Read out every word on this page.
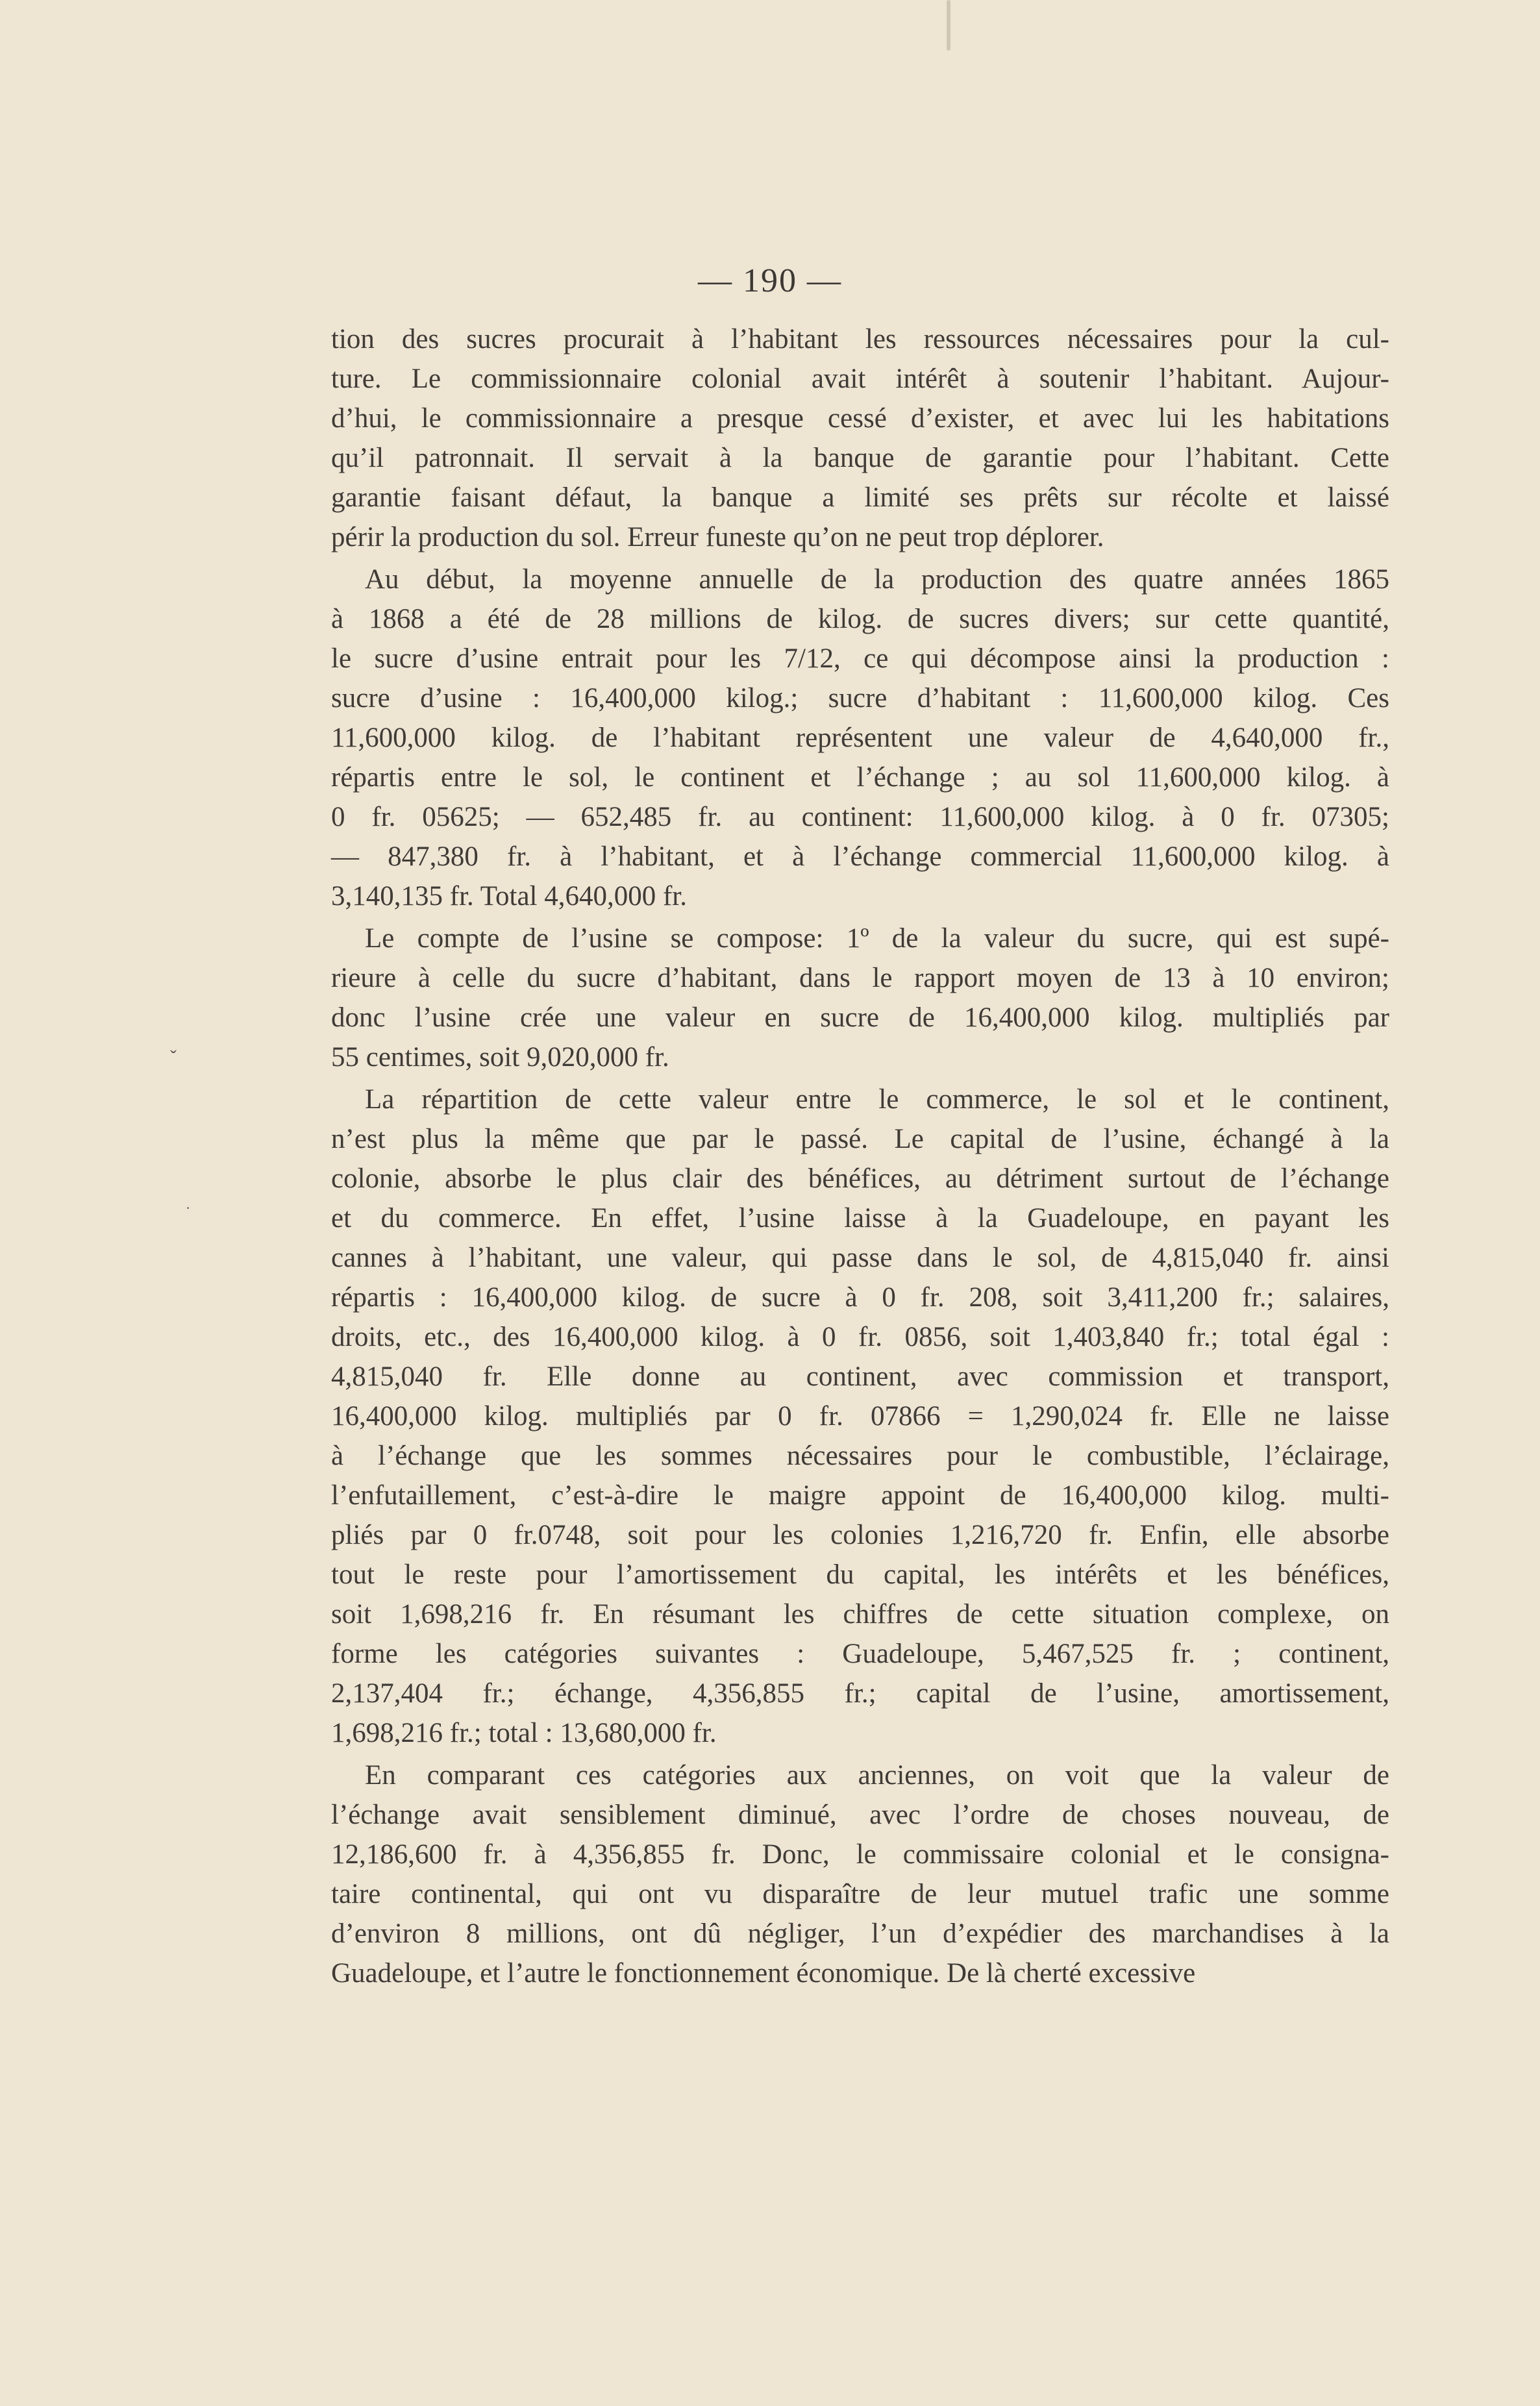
— 190 —
ˇ
·
tion des sucres procurait à l’habitant les ressources nécessaires pour la cul-
ture. Le commissionnaire colonial avait intérêt à soutenir l’habitant. Aujour-
d’hui, le commissionnaire a presque cessé d’exister, et avec lui les habitations
qu’il patronnait. Il servait à la banque de garantie pour l’habitant. Cette
garantie faisant défaut, la banque a limité ses prêts sur récolte et laissé
périr la production du sol. Erreur funeste qu’on ne peut trop déplorer.
Au début, la moyenne annuelle de la production des quatre années 1865
à 1868 a été de 28 millions de kilog. de sucres divers; sur cette quantité,
le sucre d’usine entrait pour les 7/12, ce qui décompose ainsi la production :
sucre d’usine : 16,400,000 kilog.; sucre d’habitant : 11,600,000 kilog. Ces
11,600,000 kilog. de l’habitant représentent une valeur de 4,640,000 fr.,
répartis entre le sol, le continent et l’échange ; au sol 11,600,000 kilog. à
0 fr. 05625; — 652,485 fr. au continent: 11,600,000 kilog. à 0 fr. 07305;
— 847,380 fr. à l’habitant, et à l’échange commercial 11,600,000 kilog. à
3,140,135 fr. Total 4,640,000 fr.
Le compte de l’usine se compose: 1º de la valeur du sucre, qui est supé-
rieure à celle du sucre d’habitant, dans le rapport moyen de 13 à 10 environ;
donc l’usine crée une valeur en sucre de 16,400,000 kilog. multipliés par
55 centimes, soit 9,020,000 fr.
La répartition de cette valeur entre le commerce, le sol et le continent,
n’est plus la même que par le passé. Le capital de l’usine, échangé à la
colonie, absorbe le plus clair des bénéfices, au détriment surtout de l’échange
et du commerce. En effet, l’usine laisse à la Guadeloupe, en payant les
cannes à l’habitant, une valeur, qui passe dans le sol, de 4,815,040 fr. ainsi
répartis : 16,400,000 kilog. de sucre à 0 fr. 208, soit 3,411,200 fr.; salaires,
droits, etc., des 16,400,000 kilog. à 0 fr. 0856, soit 1,403,840 fr.; total égal :
4,815,040 fr. Elle donne au continent, avec commission et transport,
16,400,000 kilog. multipliés par 0 fr. 07866 = 1,290,024 fr. Elle ne laisse
à l’échange que les sommes nécessaires pour le combustible, l’éclairage,
l’enfutaillement, c’est-à-dire le maigre appoint de 16,400,000 kilog. multi-
pliés par 0 fr.0748, soit pour les colonies 1,216,720 fr. Enfin, elle absorbe
tout le reste pour l’amortissement du capital, les intérêts et les bénéfices,
soit 1,698,216 fr. En résumant les chiffres de cette situation complexe, on
forme les catégories suivantes : Guadeloupe, 5,467,525 fr. ; continent,
2,137,404 fr.; échange, 4,356,855 fr.; capital de l’usine, amortissement,
1,698,216 fr.; total : 13,680,000 fr.
En comparant ces catégories aux anciennes, on voit que la valeur de
l’échange avait sensiblement diminué, avec l’ordre de choses nouveau, de
12,186,600 fr. à 4,356,855 fr. Donc, le commissaire colonial et le consigna-
taire continental, qui ont vu disparaître de leur mutuel trafic une somme
d’environ 8 millions, ont dû négliger, l’un d’expédier des marchandises à la
Guadeloupe, et l’autre le fonctionnement économique. De là cherté excessive
